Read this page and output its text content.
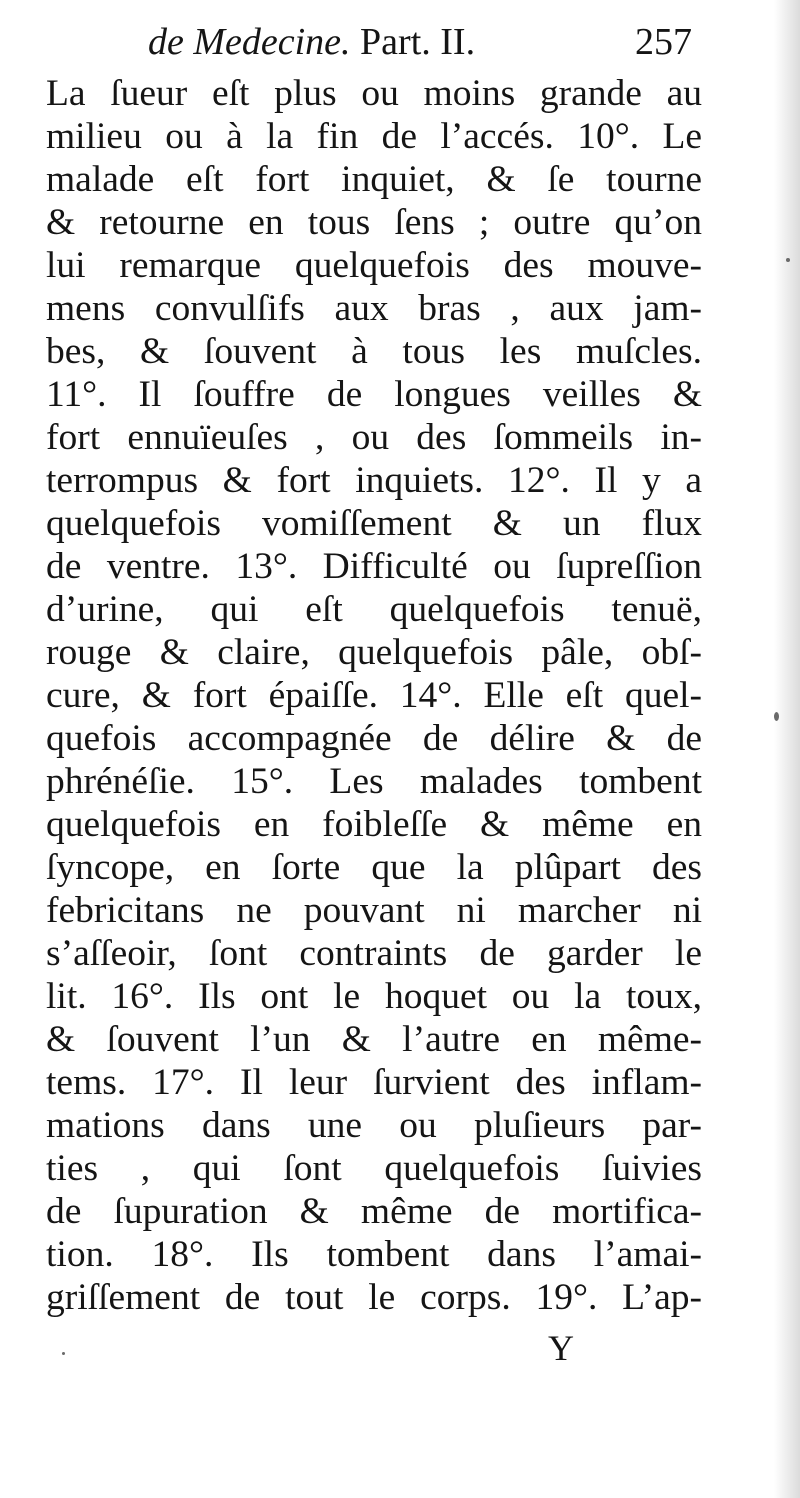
de Medecine. Part. II.	257
La ſueur eſt plus ou moins grande au
milieu ou à la fin de l’accés. 10°. Le
malade eſt fort inquiet, & ſe tourne
& retourne en tous ſens ; outre qu’on
lui remarque quelquefois des mouve-
mens convulſifs aux bras , aux jam-
bes, & ſouvent à tous les muſcles.
11°. Il ſouffre de longues veilles &
fort ennuïeuſes , ou des ſommeils in-
terrompus & fort inquiets. 12°. Il y a
quelquefois vomiſſement & un flux
de ventre. 13°. Difficulté ou ſupreſſion
d’urine, qui eſt quelquefois tenuë,
rouge & claire, quelquefois pâle, obſ-
cure, & fort épaiſſe. 14°. Elle eſt quel-
quefois accompagnée de délire & de
phrénéſie. 15°. Les malades tombent
quelquefois en foibleſſe & même en
ſyncope, en ſorte que la plûpart des
febricitans ne pouvant ni marcher ni
s’aſſeoir, ſont contraints de garder le
lit. 16°. Ils ont le hoquet ou la toux,
& ſouvent l’un & l’autre en même-
tems. 17°. Il leur ſurvient des inflam-
mations dans une ou pluſieurs par-
ties , qui ſont quelquefois ſuivies
de ſupuration & même de mortifica-
tion. 18°. Ils tombent dans l’amai-
griſſement de tout le corps. 19°. L’ap-
Y
